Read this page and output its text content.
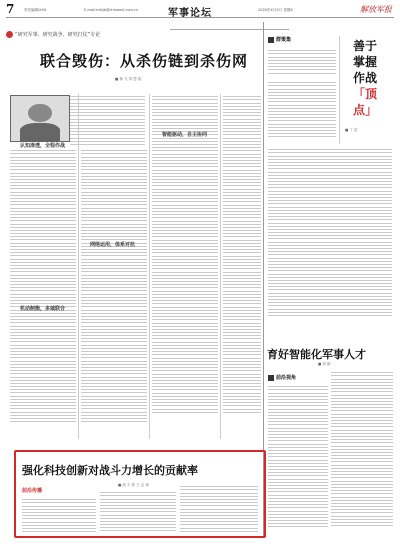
7	责任编辑/XXX	E-mail:mlbjb@chinamil.com.cn	军事论坛	2020年X月X日 星期X	解放军报
“研究军事、研究战争、研究打仗”专论
联合毁伤：从杀伤链到杀伤网
■ 杨 飞 刘 思 凯
认知渗透，全程作战
机动制衡，多域联合
网络运用，体系对抗
智能驱动，自主协同
群策集	善于
掌握
作战
「顶
点」
■ 丁 浩
育好智能化军事人才
■ 刘 颖
前沿视角
强化科技创新对战斗力增长的贡献率
■ 高 不 欣 王 志 伟
前沿传播
